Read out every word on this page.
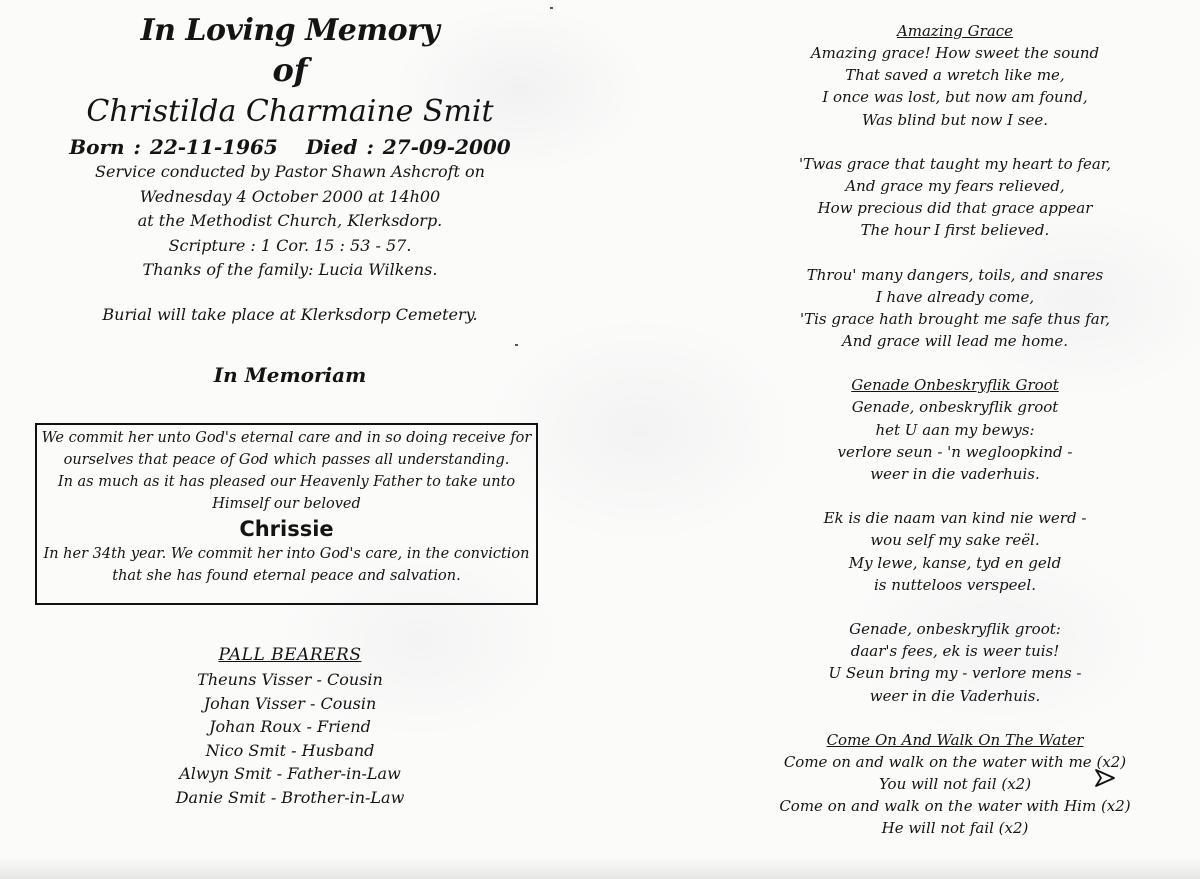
In Loving Memory
of
Christilda Charmaine Smit
Born : 22-11-1965 Died : 27-09-2000
Service conducted by Pastor Shawn Ashcroft on
Wednesday 4 October 2000 at 14h00
at the Methodist Church, Klerksdorp.
Scripture : 1 Cor. 15 : 53 - 57.
Thanks of the family: Lucia Wilkens.
Burial will take place at Klerksdorp Cemetery.
In Memoriam
We commit her unto God's eternal care and in so doing receive for
ourselves that peace of God which passes all understanding.
In as much as it has pleased our Heavenly Father to take unto
Himself our beloved
Chrissie
In her 34th year. We commit her into God's care, in the conviction
that she has found eternal peace and salvation.
PALL BEARERS
Theuns Visser - Cousin
Johan Visser - Cousin
Johan Roux - Friend
Nico Smit - Husband
Alwyn Smit - Father-in-Law
Danie Smit - Brother-in-Law
Amazing Grace
Amazing grace! How sweet the sound
That saved a wretch like me,
I once was lost, but now am found,
Was blind but now I see.
'Twas grace that taught my heart to fear,
And grace my fears relieved,
How precious did that grace appear
The hour I first believed.
Throu' many dangers, toils, and snares
I have already come,
'Tis grace hath brought me safe thus far,
And grace will lead me home.
Genade Onbeskryflik Groot
Genade, onbeskryflik groot
het U aan my bewys:
verlore seun - 'n wegloopkind -
weer in die vaderhuis.
Ek is die naam van kind nie werd -
wou self my sake reël.
My lewe, kanse, tyd en geld
is nutteloos verspeel.
Genade, onbeskryflik groot:
daar's fees, ek is weer tuis!
U Seun bring my - verlore mens -
weer in die Vaderhuis.
Come On And Walk On The Water
Come on and walk on the water with me (x2)
You will not fail (x2)
Come on and walk on the water with Him (x2)
He will not fail (x2)
